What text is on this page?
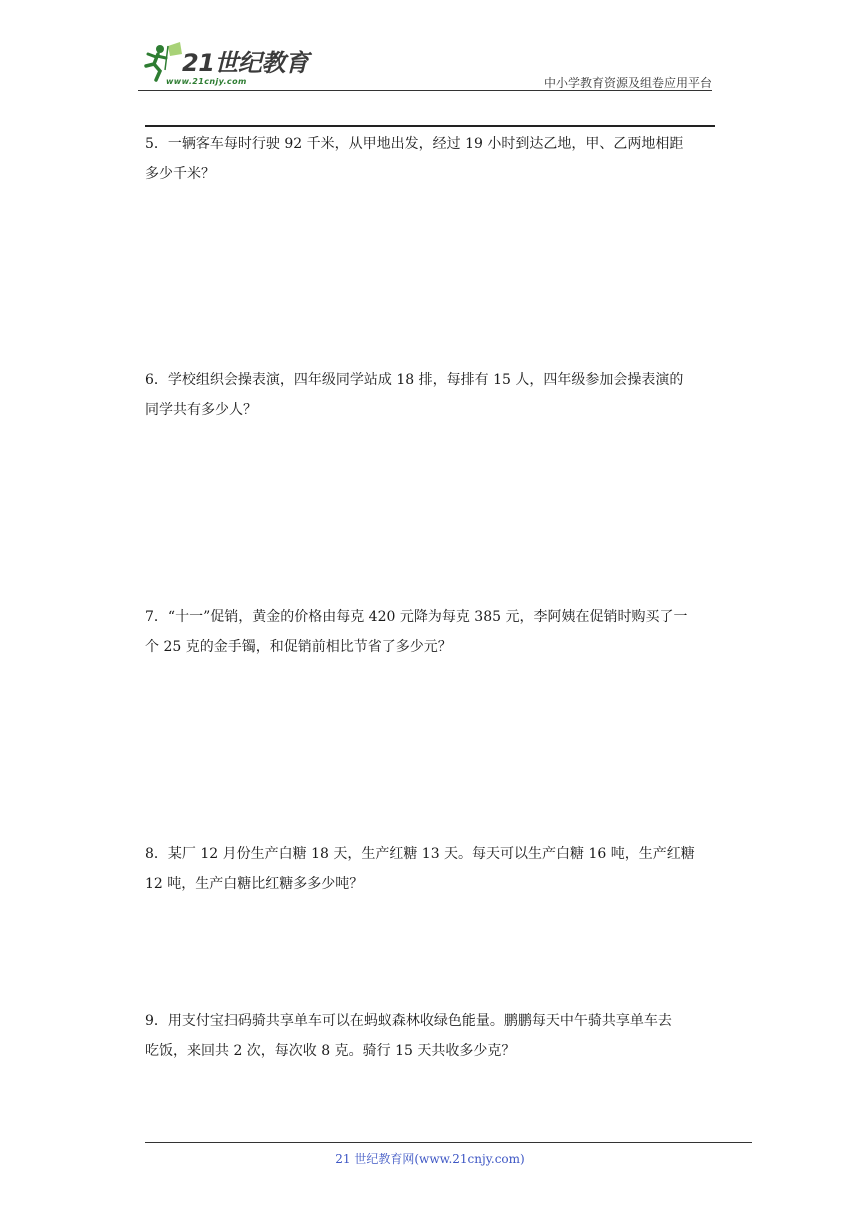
21世纪教育
www.21cnjy.com	中小学教育资源及组卷应用平台
5．一辆客车每时行驶 92 千米，从甲地出发，经过 19 小时到达乙地，甲、乙两地相距
多少千米？
6．学校组织会操表演，四年级同学站成 18 排，每排有 15 人，四年级参加会操表演的
同学共有多少人？
7．“十一”促销，黄金的价格由每克 420 元降为每克 385 元，李阿姨在促销时购买了一
个 25 克的金手镯，和促销前相比节省了多少元？
8．某厂 12 月份生产白糖 18 天，生产红糖 13 天。每天可以生产白糖 16 吨，生产红糖
12 吨，生产白糖比红糖多多少吨？
9．用支付宝扫码骑共享单车可以在蚂蚁森林收绿色能量。鹏鹏每天中午骑共享单车去
吃饭，来回共 2 次，每次收 8 克。骑行 15 天共收多少克？
21 世纪教育网(www.21cnjy.com)
